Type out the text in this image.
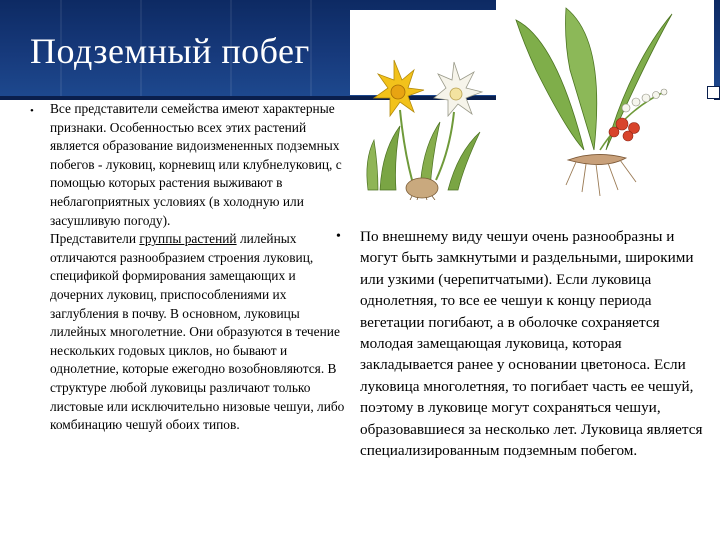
Подземный побег
• Все представители семейства имеют характерные признаки. Особенностью всех этих растений является образование видоизмененных подземных побегов - луковиц, корневищ или клубнелуковиц, с помощью которых растения выживают в неблагоприятных условиях (в холодную или засушливую погоду).
Представители группы растений лилейных отличаются разнообразием строения луковиц, спецификой формирования замещающих и дочерних луковиц, приспособлениями их заглубления в почву. В основном, луковицы лилейных многолетние. Они образуются в течение нескольких годовых циклов, но бывают и однолетние, которые ежегодно возобновляются. В структуре любой луковицы различают только листовые или исключительно низовые чешуи, либо комбинацию чешуй обоих типов.
• По внешнему виду чешуи очень разнообразны и могут быть замкнутыми и раздельными, широкими или узкими (черепитчатыми). Если луковица однолетняя, то все ее чешуи к концу периода вегетации погибают, а в оболочке сохраняется молодая замещающая луковица, которая закладывается ранее у основании цветоноса. Если луковица многолетняя, то погибает часть ее чешуй, поэтому в луковице могут сохраняться чешуи, образовавшиеся за несколько лет. Луковица является специализированным подземным побегом.
